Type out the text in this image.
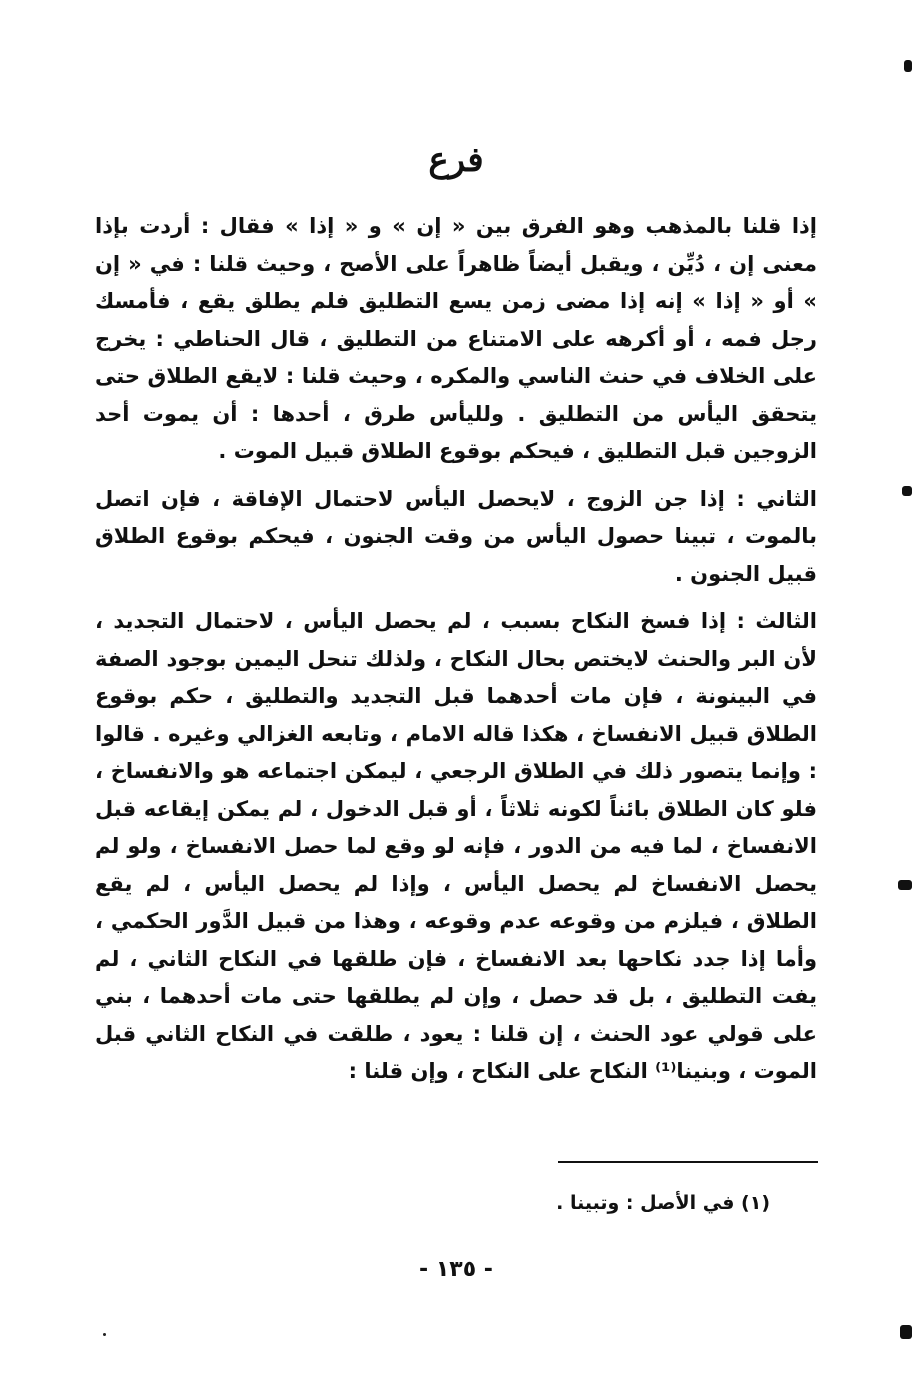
فرع

إذا قلنا بالمذهب وهو الفرق بين « إن » و « إذا » فقال : أردت بإذا معنى إن ، دُيِّن ، ويقبل أيضاً ظاهراً على الأصح ، وحيث قلنا : في « إن » أو « إذا » إنه إذا مضى زمن يسع التطليق فلم يطلق يقع ، فأمسك رجل فمه ، أو أكرهه على الامتناع من التطليق ، قال الحناطي : يخرج على الخلاف في حنث الناسي والمكره ، وحيث قلنا : لايقع الطلاق حتى يتحقق اليأس من التطليق . ولليأس طرق ، أحدها : أن يموت أحد الزوجين قبل التطليق ، فيحكم بوقوع الطلاق قبيل الموت .

الثاني : إذا جن الزوج ، لايحصل اليأس لاحتمال الإفاقة ، فإن اتصل بالموت ، تبينا حصول اليأس من وقت الجنون ، فيحكم بوقوع الطلاق قبيل الجنون .

الثالث : إذا فسخ النكاح بسبب ، لم يحصل اليأس ، لاحتمال التجديد ، لأن البر والحنث لايختص بحال النكاح ، ولذلك تنحل اليمين بوجود الصفة في البينونة ، فإن مات أحدهما قبل التجديد والتطليق ، حكم بوقوع الطلاق قبيل الانفساخ ، هكذا قاله الامام ، وتابعه الغزالي وغيره . قالوا : وإنما يتصور ذلك في الطلاق الرجعي ، ليمكن اجتماعه هو والانفساخ ، فلو كان الطلاق بائناً لكونه ثلاثاً ، أو قبل الدخول ، لم يمكن إيقاعه قبل الانفساخ ، لما فيه من الدور ، فإنه لو وقع لما حصل الانفساخ ، ولو لم يحصل الانفساخ لم يحصل اليأس ، وإذا لم يحصل اليأس ، لم يقع الطلاق ، فيلزم من وقوعه عدم وقوعه ، وهذا من قبيل الدَّور الحكمي ، وأما إذا جدد نكاحها بعد الانفساخ ، فإن طلقها في النكاح الثاني ، لم يفت التطليق ، بل قد حصل ، وإن لم يطلقها حتى مات أحدهما ، بني على قولي عود الحنث ، إن قلنا : يعود ، طلقت في النكاح الثاني قبل الموت ، وبنينا⁽¹⁾ النكاح على النكاح ، وإن قلنا :

(١) في الأصل : وتبينا .
- ١٣٥ -
